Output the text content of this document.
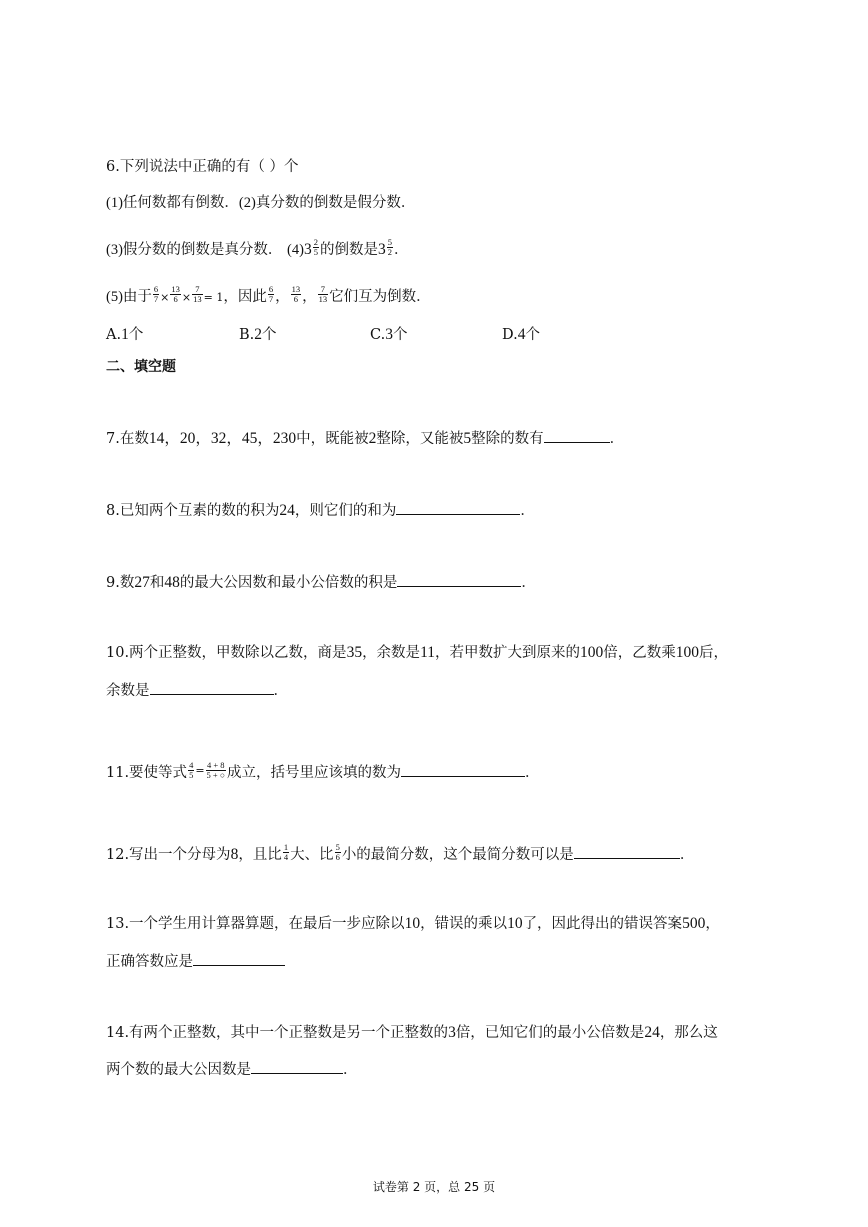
6.下列说法中正确的有（ ）个
(1)任何数都有倒数．(2)真分数的倒数是假分数．
(3)假分数的倒数是真分数． $(4)3 \frac{2}{5}$ 的倒数是$3 \frac{5}{2}$ ．
(5)由于 $\frac{6}{7} \times \frac{13}{6} \times \frac{7}{13} = 1$，因此 $\frac{6}{7}$ ， $\frac{13}{6}$ ， $\frac{7}{13}$ 它们互为倒数．
A.1个	B.2个	C.3个	D.4个
二、填空题
7.在数14，20，32，45，230中，既能被2整除，又能被5整除的数有	．
8.已知两个互素的数的积为24，则它们的和为	．
9.数27和48的最大公因数和最小公倍数的积是	．
10.两个正整数，甲数除以乙数，商是35，余数是11，若甲数扩大到原来的100倍，乙数乘100后，
余数是	．
11.要使等式 $\frac{4}{5} ^= \frac{4 + 8}{5 + ○}$ 成立，括号里应该填的数为	．
12.写出一个分母为8，且比 $\frac{1}{4}$ 大、比 $\frac{5}{6}$ 小的最简分数，这个最简分数可以是	．
13.一个学生用计算器算题，在最后一步应除以10，错误的乘以10了，因此得出的错误答案500，
正确答数应是
14.有两个正整数，其中一个正整数是另一个正整数的3倍，已知它们的最小公倍数是24，那么这
两个数的最大公因数是	．
试卷第 2 页，总 25 页
